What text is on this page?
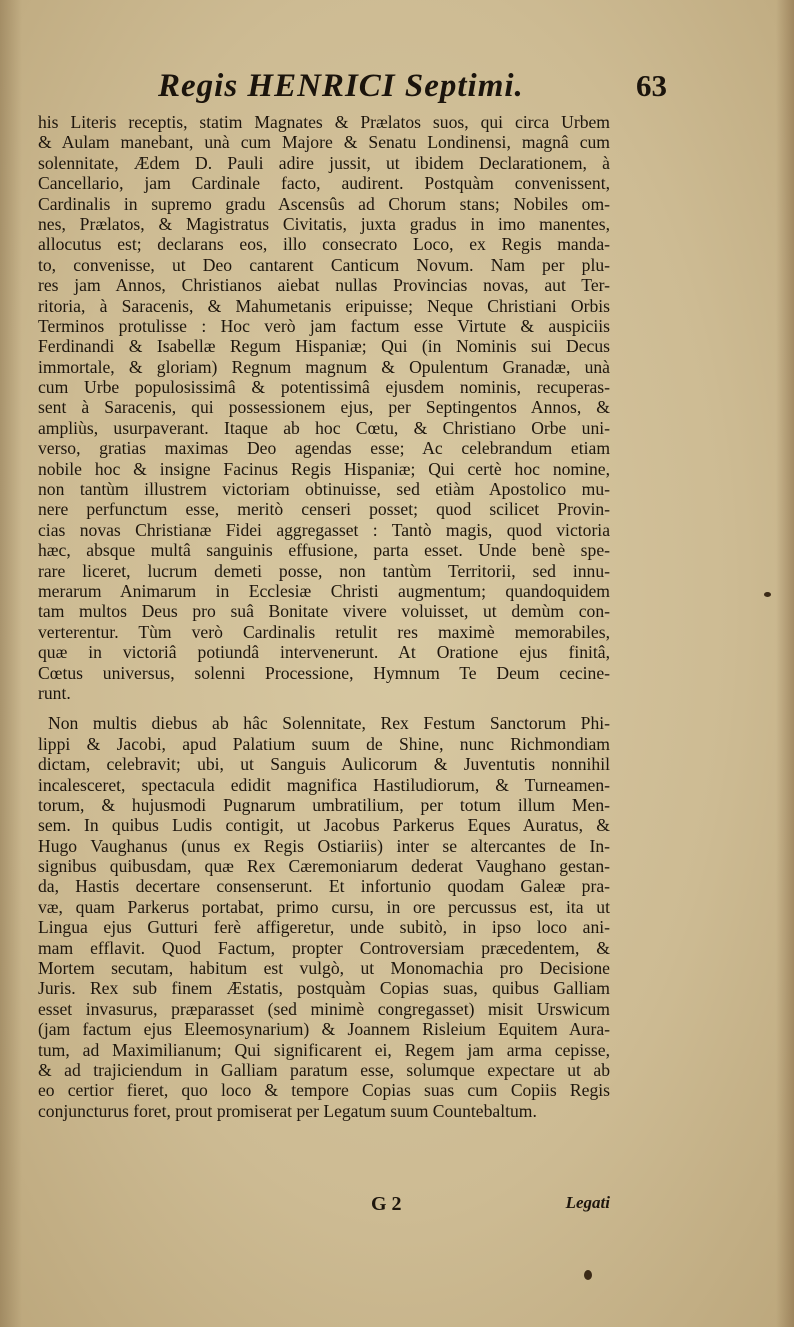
Regis HENRICI Septimi.	63
his Literis receptis, statim Magnates & Prælatos suos, qui circa Urbem
& Aulam manebant, unà cum Majore & Senatu Londinensi, magnâ cum
solennitate, Ædem D. Pauli adire jussit, ut ibidem Declarationem, à
Cancellario, jam Cardinale facto, audirent. Postquàm convenissent,
Cardinalis in supremo gradu Ascensûs ad Chorum stans; Nobiles om-
nes, Prælatos, & Magistratus Civitatis, juxta gradus in imo manentes,
allocutus est; declarans eos, illo consecrato Loco, ex Regis manda-
to, convenisse, ut Deo cantarent Canticum Novum. Nam per plu-
res jam Annos, Christianos aiebat nullas Provincias novas, aut Ter-
ritoria, à Saracenis, & Mahumetanis eripuisse; Neque Christiani Orbis
Terminos protulisse : Hoc verò jam factum esse Virtute & auspiciis
Ferdinandi & Isabellæ Regum Hispaniæ; Qui (in Nominis sui Decus
immortale, & gloriam) Regnum magnum & Opulentum Granadæ, unà
cum Urbe populosissimâ & potentissimâ ejusdem nominis, recuperas-
sent à Saracenis, qui possessionem ejus, per Septingentos Annos, &
ampliùs, usurpaverant. Itaque ab hoc Cœtu, & Christiano Orbe uni-
verso, gratias maximas Deo agendas esse; Ac celebrandum etiam
nobile hoc & insigne Facinus Regis Hispaniæ; Qui certè hoc nomine,
non tantùm illustrem victoriam obtinuisse, sed etiàm Apostolico mu-
nere perfunctum esse, meritò censeri posset; quod scilicet Provin-
cias novas Christianæ Fidei aggregasset : Tantò magis, quod victoria
hæc, absque multâ sanguinis effusione, parta esset. Unde benè spe-
rare liceret, lucrum demeti posse, non tantùm Territorii, sed innu-
merarum Animarum in Ecclesiæ Christi augmentum; quandoquidem
tam multos Deus pro suâ Bonitate vivere voluisset, ut demùm con-
verterentur. Tùm verò Cardinalis retulit res maximè memorabiles,
quæ in victoriâ potiundâ intervenerunt. At Oratione ejus finitâ,
Cœtus universus, solenni Processione, Hymnum Te Deum cecine-
runt.
Non multis diebus ab hâc Solennitate, Rex Festum Sanctorum Phi-
lippi & Jacobi, apud Palatium suum de Shine, nunc Richmondiam
dictam, celebravit; ubi, ut Sanguis Aulicorum & Juventutis nonnihil
incalesceret, spectacula edidit magnifica Hastiludiorum, & Turneamen-
torum, & hujusmodi Pugnarum umbratilium, per totum illum Men-
sem. In quibus Ludis contigit, ut Jacobus Parkerus Eques Auratus, &
Hugo Vaughanus (unus ex Regis Ostiariis) inter se altercantes de In-
signibus quibusdam, quæ Rex Cæremoniarum dederat Vaughano gestan-
da, Hastis decertare consenserunt. Et infortunio quodam Galeæ pra-
væ, quam Parkerus portabat, primo cursu, in ore percussus est, ita ut
Lingua ejus Gutturi ferè affigeretur, unde subitò, in ipso loco ani-
mam efflavit. Quod Factum, propter Controversiam præcedentem, &
Mortem secutam, habitum est vulgò, ut Monomachia pro Decisione
Juris. Rex sub finem Æstatis, postquàm Copias suas, quibus Galliam
esset invasurus, præparasset (sed minimè congregasset) misit Urswicum
(jam factum ejus Eleemosynarium) & Joannem Risleium Equitem Aura-
tum, ad Maximilianum; Qui significarent ei, Regem jam arma cepisse,
& ad trajiciendum in Galliam paratum esse, solumque expectare ut ab
eo certior fieret, quo loco & tempore Copias suas cum Copiis Regis
conjuncturus foret, prout promiserat per Legatum suum Countebaltum.
G 2	Legati
